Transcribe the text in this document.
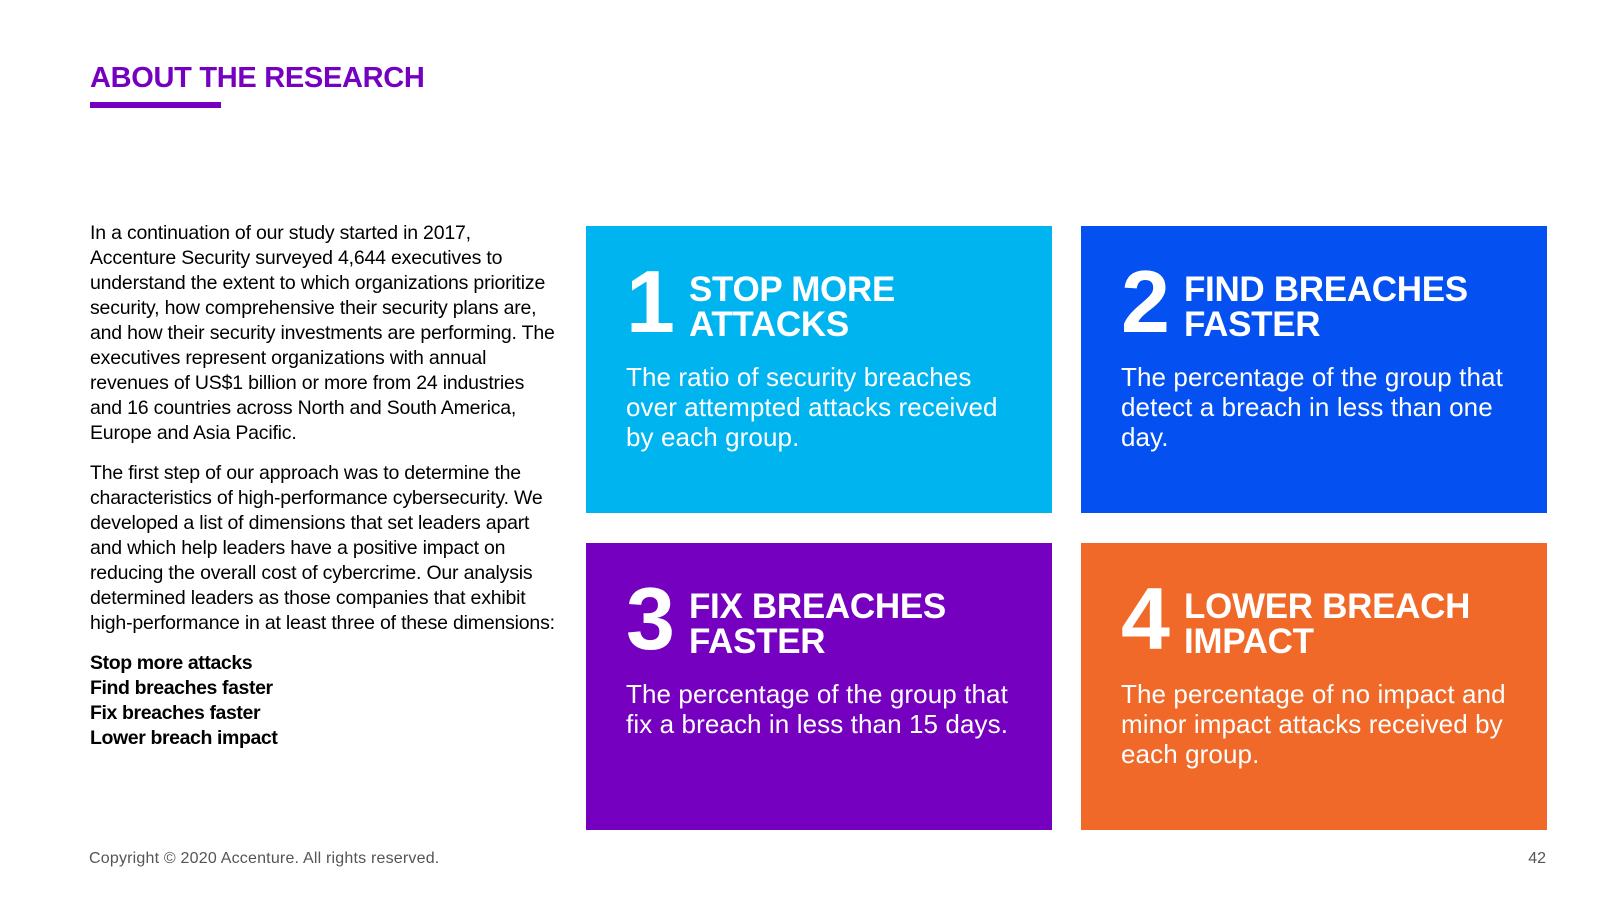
ABOUT THE RESEARCH

In a continuation of our study started in 2017, Accenture Security surveyed 4,644 executives to understand the extent to which organizations prioritize security, how comprehensive their security plans are, and how their security investments are performing. The executives represent organizations with annual revenues of US$1 billion or more from 24 industries and 16 countries across North and South America, Europe and Asia Pacific.

The first step of our approach was to determine the characteristics of high-performance cybersecurity. We developed a list of dimensions that set leaders apart and which help leaders have a positive impact on reducing the overall cost of cybercrime. Our analysis determined leaders as those companies that exhibit high-performance in at least three of these dimensions:

Stop more attacks
Find breaches faster
Fix breaches faster
Lower breach impact
1 STOP MORE
ATTACKS
The ratio of security breaches over attempted attacks received by each group.
2 FIND BREACHES
FASTER
The percentage of the group that detect a breach in less than one day.
3 FIX BREACHES
FASTER
The percentage of the group that fix a breach in less than 15 days.
4 LOWER BREACH
IMPACT
The percentage of no impact and minor impact attacks received by each group.
Copyright © 2020 Accenture. All rights reserved.	42
